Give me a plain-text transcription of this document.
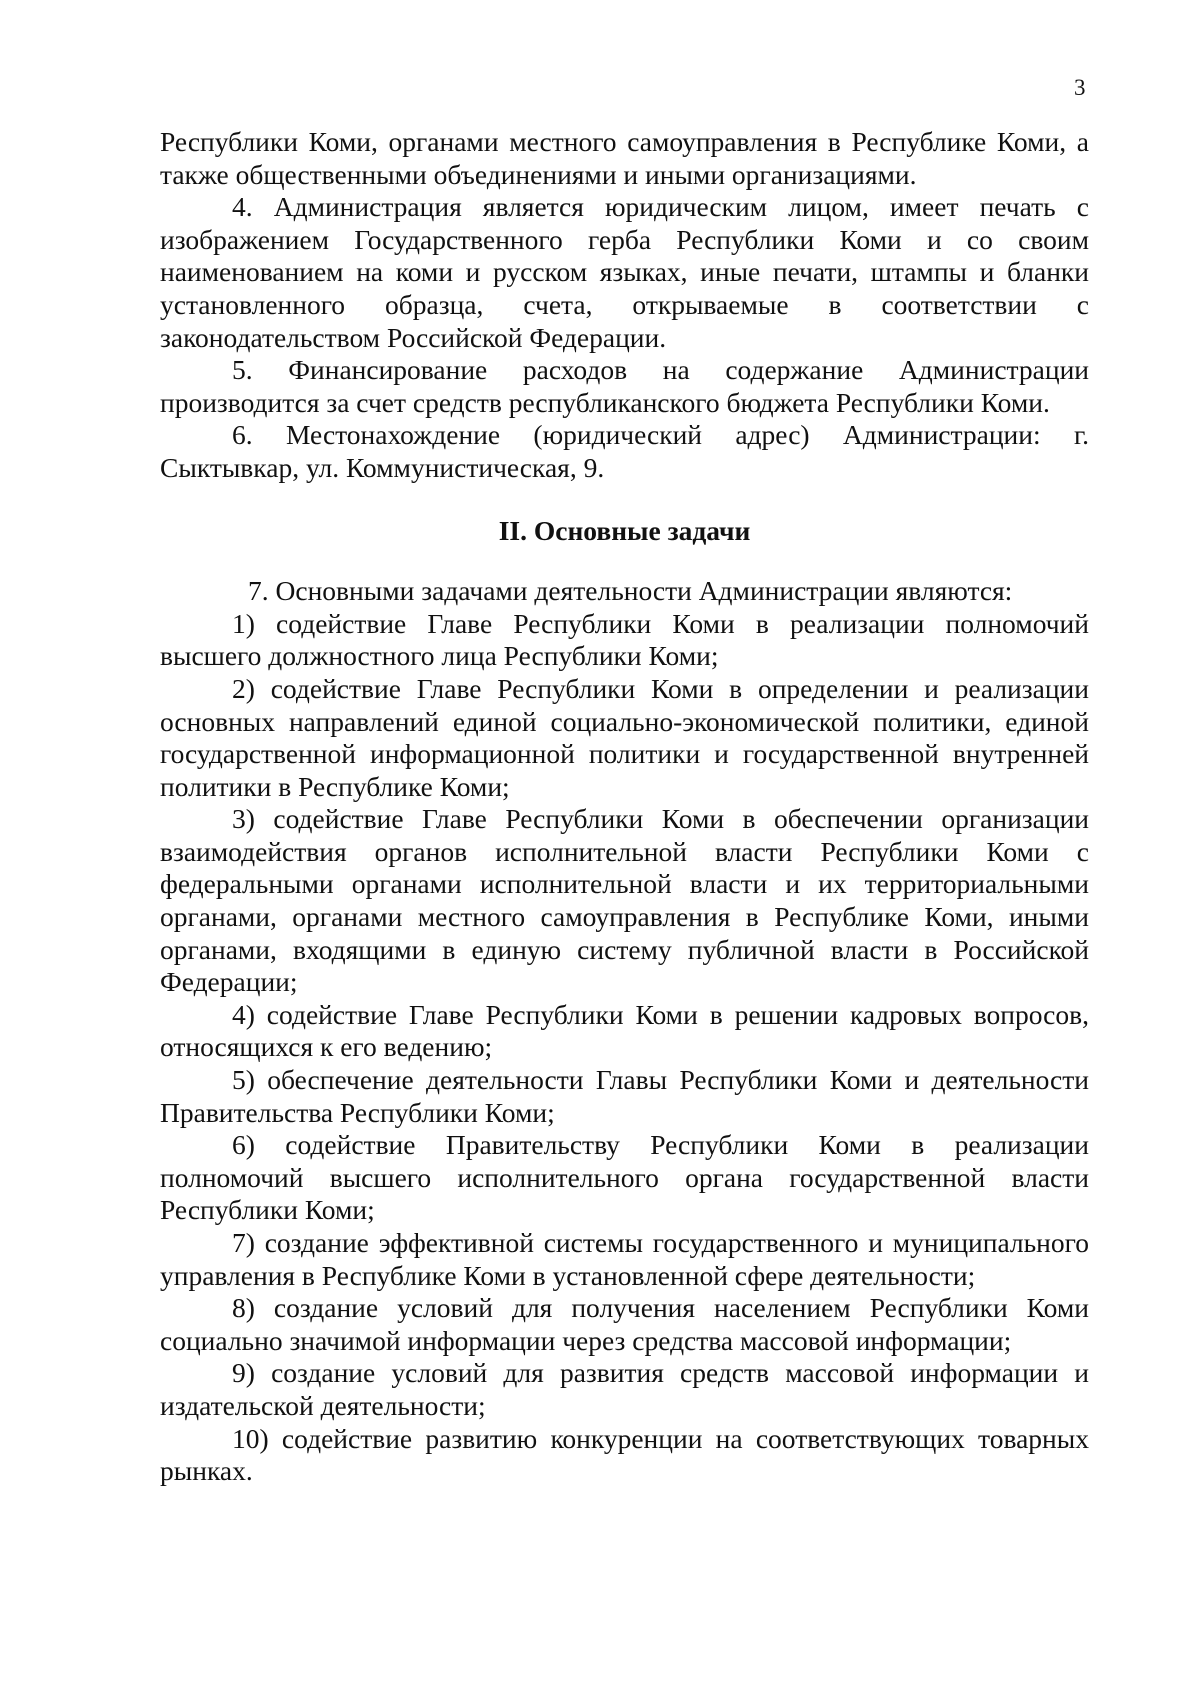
3

Республики Коми, органами местного самоуправления в Республике Коми, а также общественными объединениями и иными организациями.

4. Администрация является юридическим лицом, имеет печать с изображением Государственного герба Республики Коми и со своим наименованием на коми и русском языках, иные печати, штампы и бланки установленного образца, счета, открываемые в соответствии с законодательством Российской Федерации.

5. Финансирование расходов на содержание Администрации производится за счет средств республиканского бюджета Республики Коми.

6. Местонахождение (юридический адрес) Администрации: г. Сыктывкар, ул. Коммунистическая, 9.

II. Основные задачи

7. Основными задачами деятельности Администрации являются:

1) содействие Главе Республики Коми в реализации полномочий высшего должностного лица Республики Коми;

2) содействие Главе Республики Коми в определении и реализации основных направлений единой социально-экономической политики, единой государственной информационной политики и государственной внутренней политики в Республике Коми;

3) содействие Главе Республики Коми в обеспечении организации взаимодействия органов исполнительной власти Республики Коми с федеральными органами исполнительной власти и их территориальными органами, органами местного самоуправления в Республике Коми, иными органами, входящими в единую систему публичной власти в Российской Федерации;

4) содействие Главе Республики Коми в решении кадровых вопросов, относящихся к его ведению;

5) обеспечение деятельности Главы Республики Коми и деятельности Правительства Республики Коми;

6) содействие Правительству Республики Коми в реализации полномочий высшего исполнительного органа государственной власти Республики Коми;

7) создание эффективной системы государственного и муниципального управления в Республике Коми в установленной сфере деятельности;

8) создание условий для получения населением Республики Коми социально значимой информации через средства массовой информации;

9) создание условий для развития средств массовой информации и издательской деятельности;

10) содействие развитию конкуренции на соответствующих товарных рынках.
